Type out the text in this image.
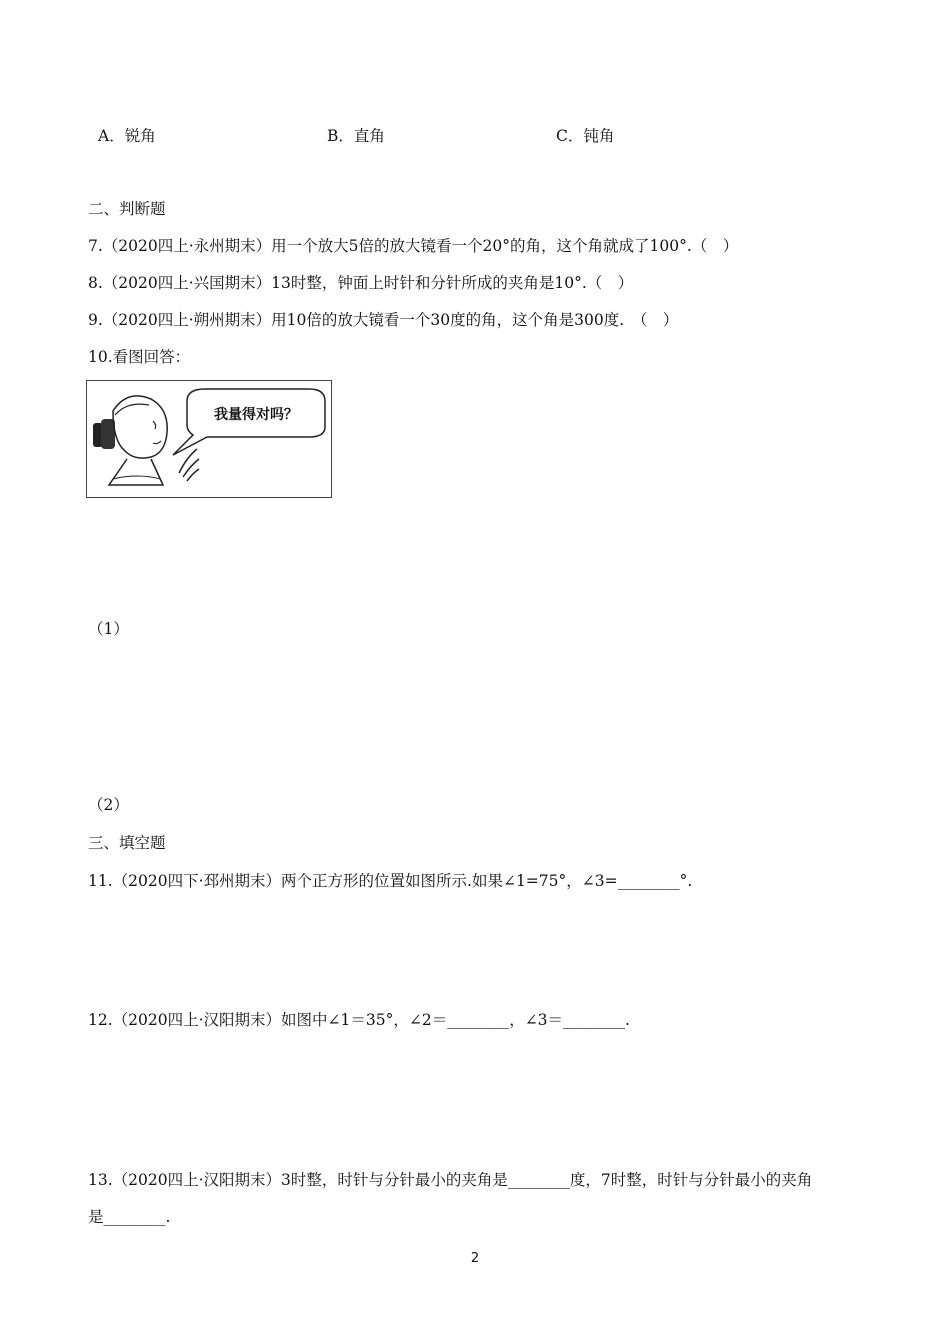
A．锐角	B．直角	C．钝角
二、判断题
7.（2020四上·永州期末）用一个放大5倍的放大镜看一个20°的角，这个角就成了100°.（　）
8.（2020四上·兴国期末）13时整，钟面上时针和分针所成的夹角是10°.（　）
9.（2020四上·朔州期末）用10倍的放大镜看一个30度的角，这个角是300度.　（　）
10.看图回答：
我量得对吗？
（1）
（2）
三、填空题
11.（2020四下·邳州期末）两个正方形的位置如图所示.如果∠1=75°，∠3=________°.
12.（2020四上·汉阳期末）如图中∠1＝35°，∠2＝________，∠3＝________.
13.（2020四上·汉阳期末）3时整，时针与分针最小的夹角是________度，7时整，时针与分针最小的夹角
是________.
2
